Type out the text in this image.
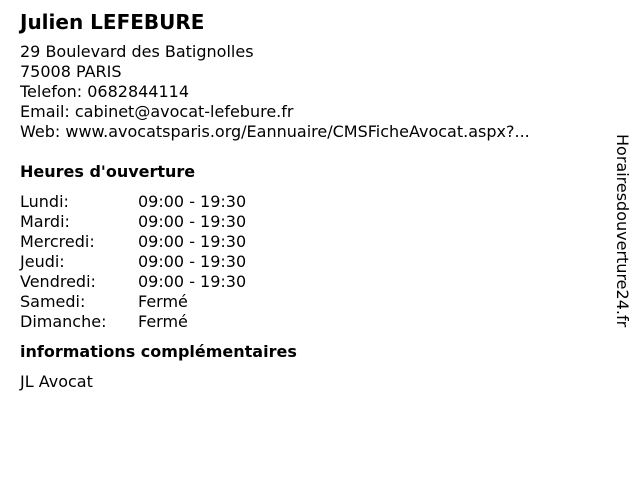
Julien LEFEBURE
29 Boulevard des Batignolles
75008 PARIS
Telefon: 0682844114
Email: cabinet@avocat-lefebure.fr
Web: www.avocatsparis.org/Eannuaire/CMSFicheAvocat.aspx?...
Heures d'ouverture
Lundi:	09:00 - 19:30
Mardi:	09:00 - 19:30
Mercredi:	09:00 - 19:30
Jeudi:	09:00 - 19:30
Vendredi:	09:00 - 19:30
Samedi:	Fermé
Dimanche:	Fermé
informations complémentaires
JL Avocat
Horairesdouverture24.fr
